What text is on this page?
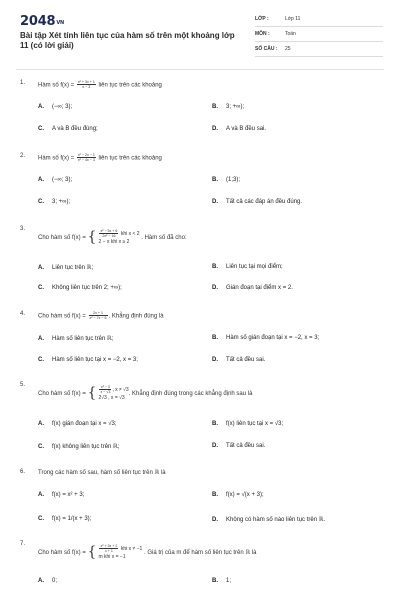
2048VN
Bài tập Xét tính liên tục của hàm số trên một khoảng lớp 11 (có lời giải)
LỚP :	Lớp 11
MÔN :	Toán
SỐ CÂU : 25
1. Hàm số $f(x) = \frac{\text{x² + 3x + 1}}{x - 3}$ liên tục trên các khoảng
A. (−∞; 3);	B. 3; +∞);
C. A và B đều đúng;	D. A và B đều sai.
2. Hàm số $f(x) = \frac{\text{x² − 2x − 1}}{\text{x² − 4x − 3}}$ liên tục trên các khoảng
A. (−∞; 3);	B. (1;3);
C. 3; +∞);	D. Tất cả các đáp án đều đúng.
3.
Cho hàm số f(x) = { $\frac{\text{x² − 5x + 6}}{\text{2x² − 16}}$ khi x < 2
2 − x khi x ≥ 2
. Hàm số đã cho:
A. Liên tục trên ℝ;	B. Liên tục tại mọi điểm;
C. Không liên tục trên 2; +∞);	D. Gián đoạn tại điểm x = 2.
4. Cho hàm số $f(x) = \frac{2x + 1}{\text{x² − 7x − 6}}$ . Khẳng định đúng là
A. Hàm số liên tục trên ℝ;	B. Hàm số gián đoạn tại x = −2, x = 3;
C. Hàm số liên tục tại x = −2, x = 3;	D. Tất cả đều sai.
5.
Cho hàm số f(x) = { $\frac{\text{x³ − 3}}{x - √3}$ , x ≠ √3
2√3 , x = √3
. Khẳng định đúng trong các khẳng định sau là
A. f(x) gián đoạn tại x = √3;	B. f(x) liên tục tại x = √3;
C. f(x) không liên tục trên ℝ;	D. Tất cả đều sai.
6. Trong các hàm số sau, hàm số liên tục trên ℝ là
A. f(x) = x² + 3;	B. f(x) = √(x + 3);
C. f(x) = 1/(x + 3);	D. Không có hàm số nào liên tục trên ℝ.
7.
Cho hàm số f(x) = { $\frac{\text{x² + 3x + 2}}{x + 1}$ khi x ≠ −1
m khi x = −1
. Giá trị của m để hàm số liên tục trên ℝ là
A. 0;	B. 1;
